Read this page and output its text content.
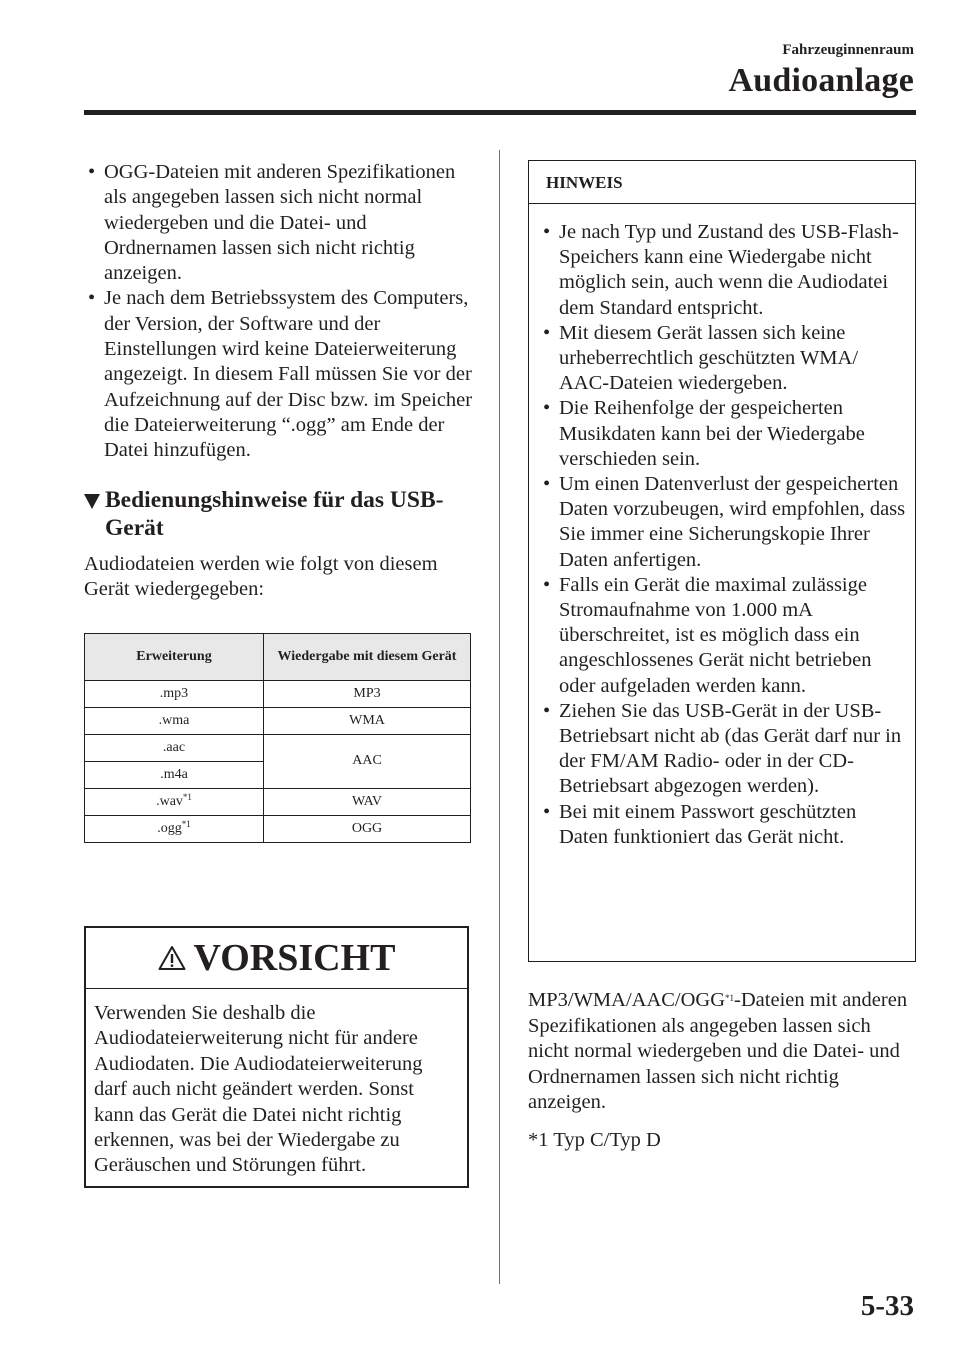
Fahrzeuginnenraum
Audioanlage
• OGG-Dateien mit anderen Spezifikationen als angegeben lassen sich nicht normal wiedergeben und die Datei- und Ordnernamen lassen sich nicht richtig anzeigen.
• Je nach dem Betriebssystem des Computers, der Version, der Software und der Einstellungen wird keine Dateierweiterung angezeigt. In diesem Fall müssen Sie vor der Aufzeichnung auf der Disc bzw. im Speicher die Dateierweiterung “.ogg” am Ende der Datei hinzufügen.
Bedienungshinweise für das USB-Gerät

Audiodateien werden wie folgt von diesem Gerät wiedergegeben:

Erweiterung	Wiedergabe mit diesem Gerät
.mp3	MP3
.wma	WMA
.aac	AAC
.m4a	
.wav$^{*1}$	WAV
.ogg$^{*1}$	OGG
VORSICHT
Verwenden Sie deshalb die Audiodateierweiterung nicht für andere Audiodaten. Die Audiodateierweiterung darf auch nicht geändert werden. Sonst kann das Gerät die Datei nicht richtig erkennen, was bei der Wiedergabe zu Geräuschen und Störungen führt.
HINWEIS
• Je nach Typ und Zustand des USB-Flash-Speichers kann eine Wiedergabe nicht möglich sein, auch wenn die Audiodatei dem Standard entspricht.
• Mit diesem Gerät lassen sich keine urheberrechtlich geschützten WMA/ AAC-Dateien wiedergeben.
• Die Reihenfolge der gespeicherten Musikdaten kann bei der Wiedergabe verschieden sein.
• Um einen Datenverlust der gespeicherten Daten vorzubeugen, wird empfohlen, dass Sie immer eine Sicherungskopie Ihrer Daten anfertigen.
• Falls ein Gerät die maximal zulässige Stromaufnahme von 1.000 mA überschreitet, ist es möglich dass ein angeschlossenes Gerät nicht betrieben oder aufgeladen werden kann.
• Ziehen Sie das USB-Gerät in der USB-Betriebsart nicht ab (das Gerät darf nur in der FM/AM Radio- oder in der CD-Betriebsart abgezogen werden).
• Bei mit einem Passwort geschützten Daten funktioniert das Gerät nicht.

MP3/WMA/AAC/OGG$^{*1}$-Dateien mit anderen Spezifikationen als angegeben lassen sich nicht normal wiedergeben und die Datei- und Ordnernamen lassen sich nicht richtig anzeigen.

*1 Typ C/Typ D

5-33
